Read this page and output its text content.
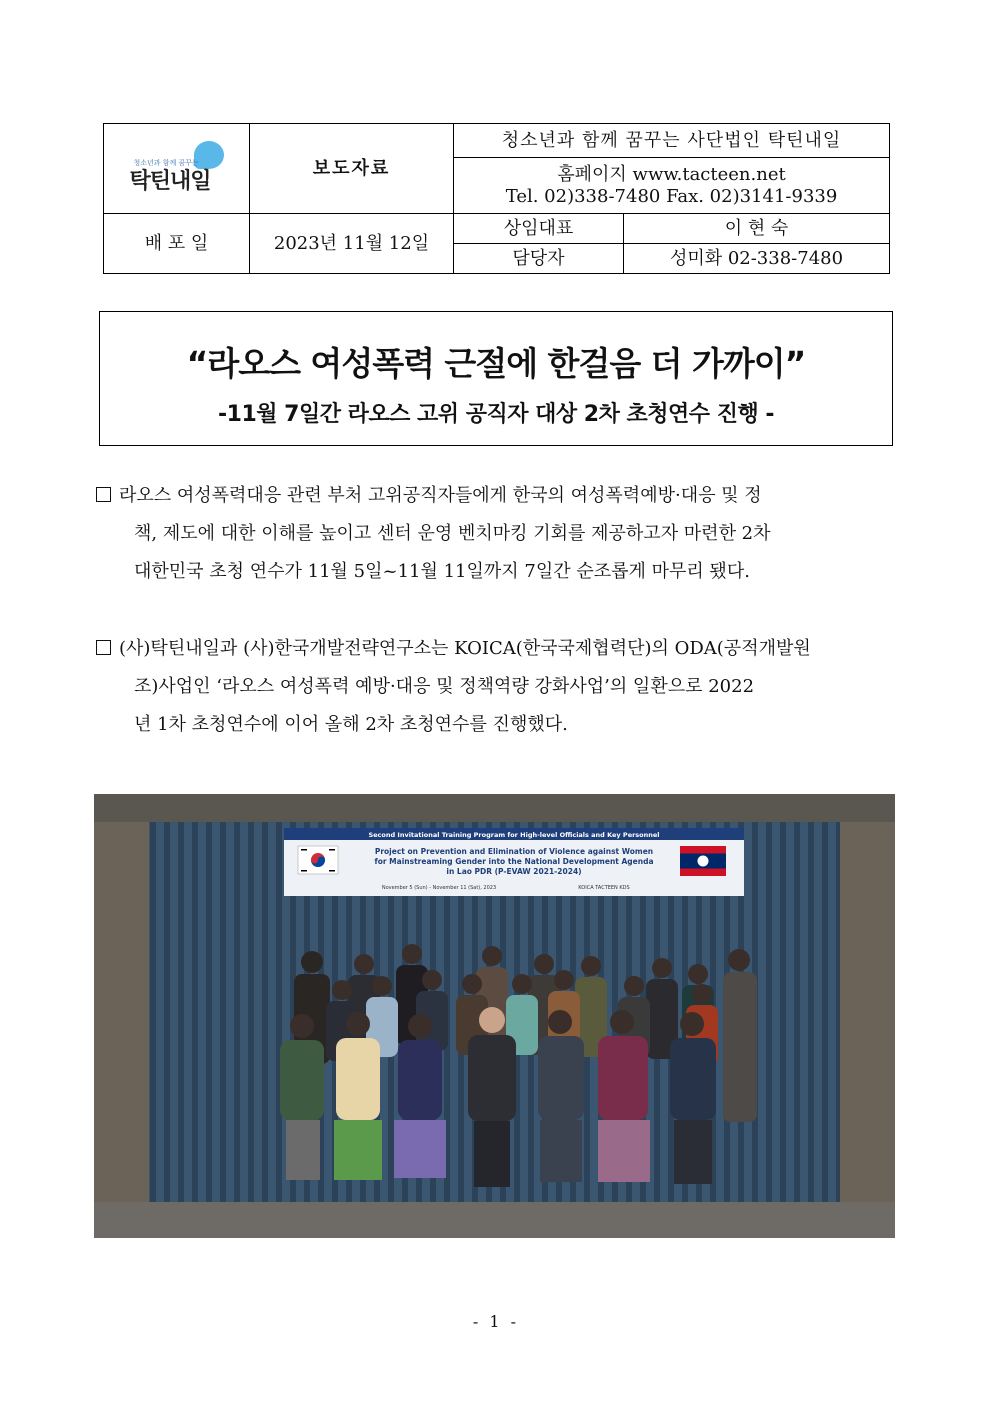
청소년과 함께 꿈꾸는
탁틴내일	보도자료	청소년과 함께 꿈꾸는 사단법인 탁틴내일	

		홈페이지 www.tacteen.net
Tel. 02)338-7480 Fax. 02)3141-9339	

배 포 일	2023년 11월 12일	상임대표	이 현 숙
		담당자	성미화 02-338-7480
“라오스 여성폭력 근절에 한걸음 더 가까이”
-11월 7일간 라오스 고위 공직자 대상 2차 초청연수 진행 -
라오스 여성폭력대응 관련 부처 고위공직자들에게 한국의 여성폭력예방·대응 및 정
책, 제도에 대한 이해를 높이고 센터 운영 벤치마킹 기회를 제공하고자 마련한 2차
대한민국 초청 연수가 11월 5일~11월 11일까지 7일간 순조롭게 마무리 됐다.
(사)탁틴내일과 (사)한국개발전략연구소는 KOICA(한국국제협력단)의 ODA(공적개발원
조)사업인 ‘라오스 여성폭력 예방·대응 및 정책역량 강화사업’의 일환으로 2022
년 1차 초청연수에 이어 올해 2차 초청연수를 진행했다.
Second Invitational Training Program for High-level Officials and Key Personnel
Project on Prevention and Elimination of Violence against Women
for Mainstreaming Gender into the National Development Agenda
in Lao PDR (P-EVAW 2021-2024)
November 5 (Sun) - November 11 (Sat), 2023	KOICA TACTEEN KDS
- 1 -
